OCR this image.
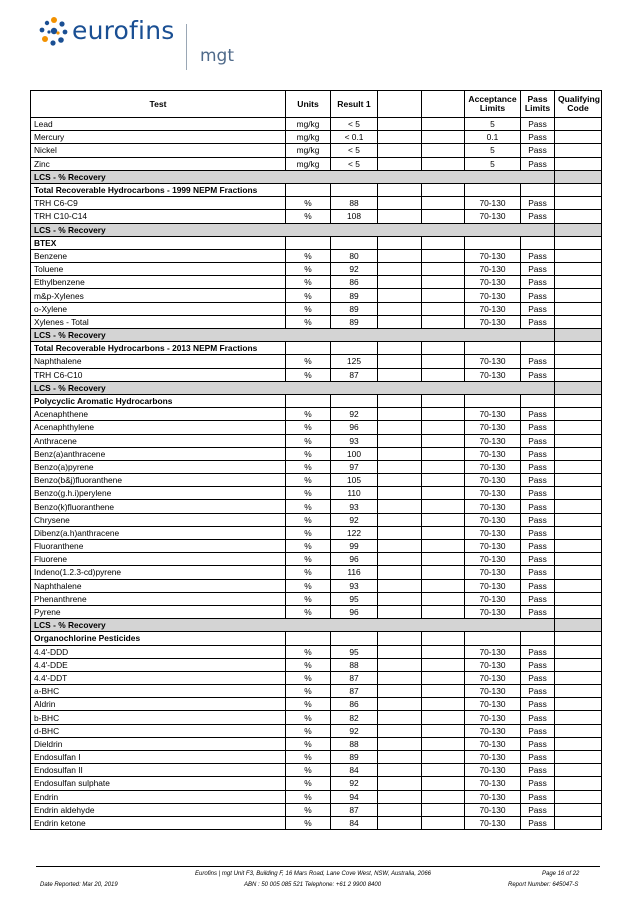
eurofins
mgt
Test	Units	Result 1			Acceptance Limits	Pass Limits	Qualifying Code
Lead	mg/kg	< 5			5	Pass	
Mercury	mg/kg	< 0.1			0.1	Pass	
Nickel	mg/kg	< 5			5	Pass	
Zinc	mg/kg	< 5			5	Pass	
LCS - % Recovery							
Total Recoverable Hydrocarbons - 1999 NEPM Fractions							
TRH C6-C9	%	88			70-130	Pass	
TRH C10-C14	%	108			70-130	Pass	
LCS - % Recovery							
BTEX							
Benzene	%	80			70-130	Pass	
Toluene	%	92			70-130	Pass	
Ethylbenzene	%	86			70-130	Pass	
m&p-Xylenes	%	89			70-130	Pass	
o-Xylene	%	89			70-130	Pass	
Xylenes - Total	%	89			70-130	Pass	
LCS - % Recovery							
Total Recoverable Hydrocarbons - 2013 NEPM Fractions							
Naphthalene	%	125			70-130	Pass	
TRH C6-C10	%	87			70-130	Pass	
LCS - % Recovery							
Polycyclic Aromatic Hydrocarbons							
Acenaphthene	%	92			70-130	Pass	
Acenaphthylene	%	96			70-130	Pass	
Anthracene	%	93			70-130	Pass	
Benz(a)anthracene	%	100			70-130	Pass	
Benzo(a)pyrene	%	97			70-130	Pass	
Benzo(b&j)fluoranthene	%	105			70-130	Pass	
Benzo(g.h.i)perylene	%	110			70-130	Pass	
Benzo(k)fluoranthene	%	93			70-130	Pass	
Chrysene	%	92			70-130	Pass	
Dibenz(a.h)anthracene	%	122			70-130	Pass	
Fluoranthene	%	99			70-130	Pass	
Fluorene	%	96			70-130	Pass	
Indeno(1.2.3-cd)pyrene	%	116			70-130	Pass	
Naphthalene	%	93			70-130	Pass	
Phenanthrene	%	95			70-130	Pass	
Pyrene	%	96			70-130	Pass	
LCS - % Recovery							
Organochlorine Pesticides							
4.4'-DDD	%	95			70-130	Pass	
4.4'-DDE	%	88			70-130	Pass	
4.4'-DDT	%	87			70-130	Pass	
a-BHC	%	87			70-130	Pass	
Aldrin	%	86			70-130	Pass	
b-BHC	%	82			70-130	Pass	
d-BHC	%	92			70-130	Pass	
Dieldrin	%	88			70-130	Pass	
Endosulfan I	%	89			70-130	Pass	
Endosulfan II	%	84			70-130	Pass	
Endosulfan sulphate	%	92			70-130	Pass	
Endrin	%	94			70-130	Pass	
Endrin aldehyde	%	87			70-130	Pass	
Endrin ketone	%	84			70-130	Pass	
Eurofins | mgt Unit F3, Building F, 16 Mars Road, Lane Cove West, NSW, Australia, 2066	Page 16 of 22
Date Reported: Mar 20, 2019	ABN : 50 005 085 521 Telephone: +61 2 9900 8400	Report Number: 645047-S
